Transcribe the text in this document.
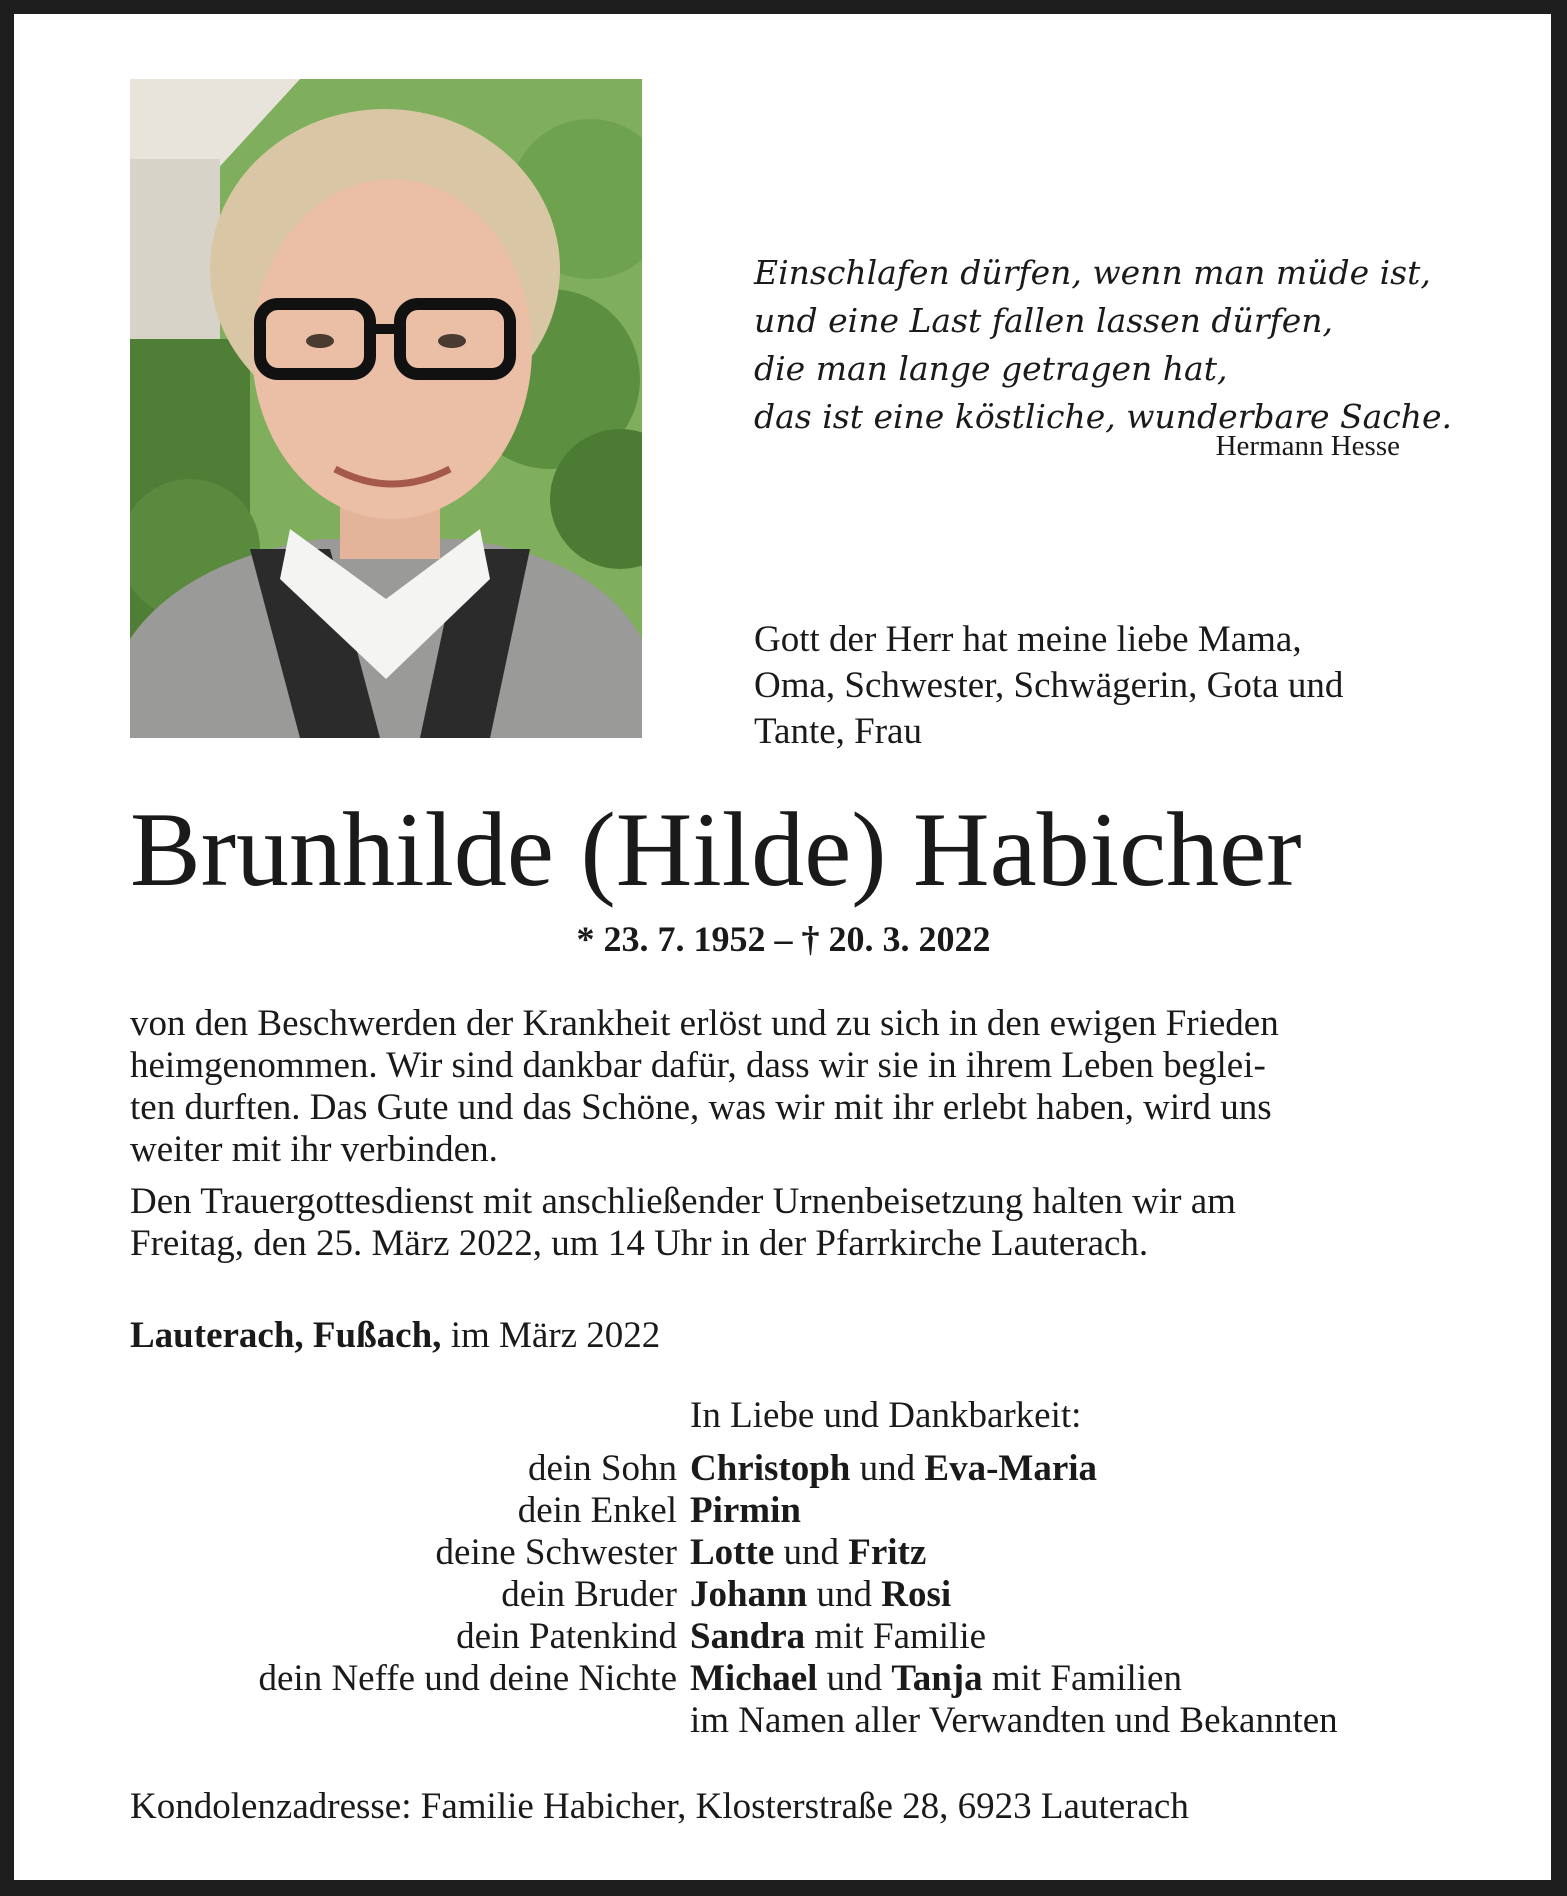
Einschlafen dürfen, wenn man müde ist,
und eine Last fallen lassen dürfen,
die man lange getragen hat,
das ist eine köstliche, wunderbare Sache.
Hermann Hesse
Gott der Herr hat meine liebe Mama,
Oma, Schwester, Schwägerin, Gota und
Tante, Frau
Brunhilde (Hilde) Habicher
* 23. 7. 1952 – † 20. 3. 2022
von den Beschwerden der Krankheit erlöst und zu sich in den ewigen Frieden
heimgenommen. Wir sind dankbar dafür, dass wir sie in ihrem Leben beglei-
ten durften. Das Gute und das Schöne, was wir mit ihr erlebt haben, wird uns
weiter mit ihr verbinden.
Den Trauergottesdienst mit anschließender Urnenbeisetzung halten wir am
Freitag, den 25. März 2022, um 14 Uhr in der Pfarrkirche Lauterach.
Lauterach, Fußach, im März 2022
In Liebe und Dankbarkeit:
dein Sohn Christoph und Eva-Maria
dein Enkel Pirmin
deine Schwester Lotte und Fritz
dein Bruder Johann und Rosi
dein Patenkind Sandra mit Familie
dein Neffe und deine Nichte Michael und Tanja mit Familien
im Namen aller Verwandten und Bekannten
Kondolenzadresse: Familie Habicher, Klosterstraße 28, 6923 Lauterach
